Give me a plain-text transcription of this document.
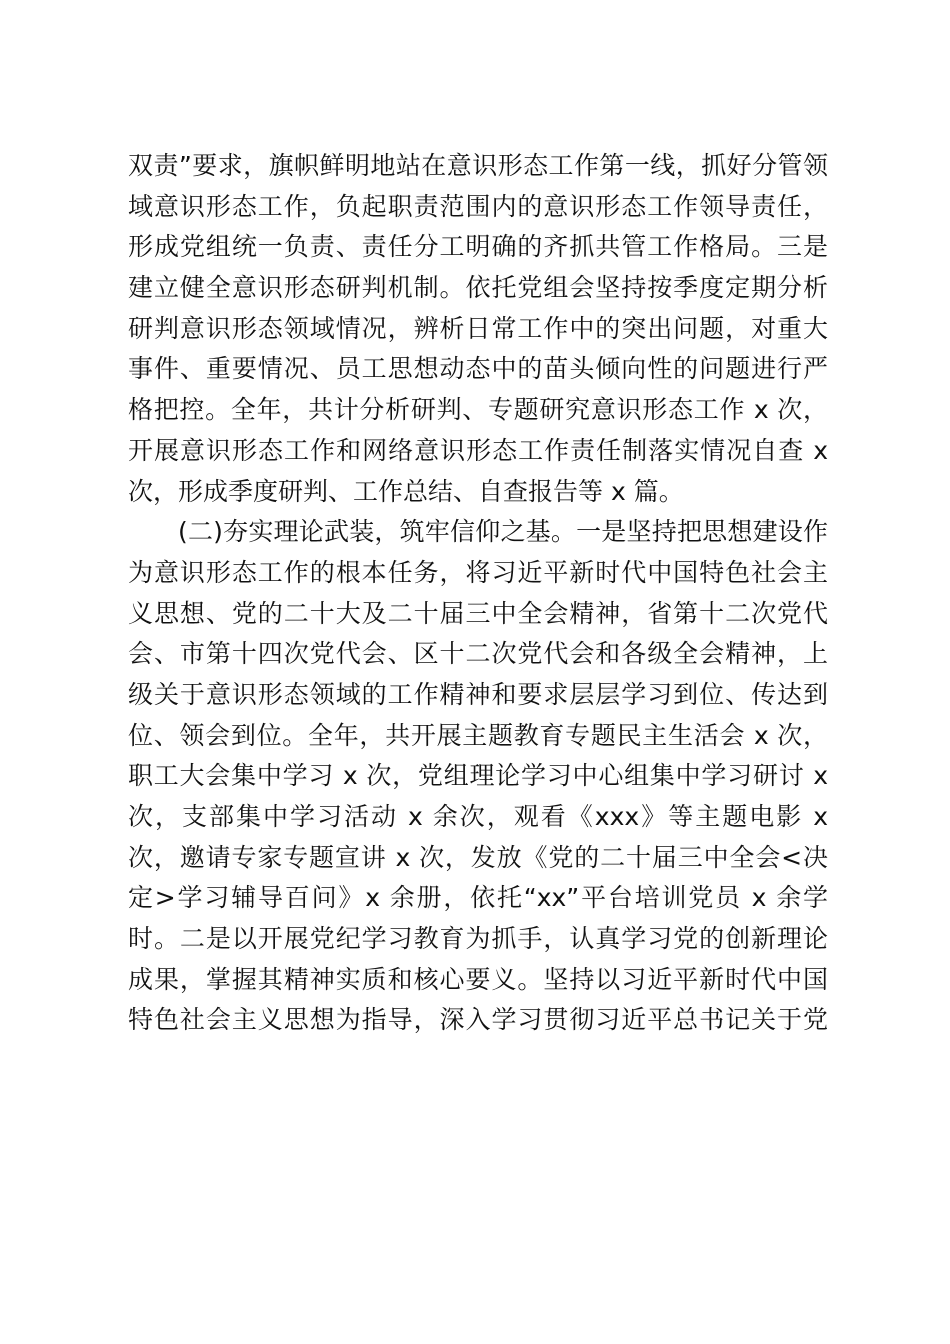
双责”要求，旗帜鲜明地站在意识形态工作第一线，抓好分管领
域意识形态工作，负起职责范围内的意识形态工作领导责任，
形成党组统一负责、责任分工明确的齐抓共管工作格局。三是
建立健全意识形态研判机制。依托党组会坚持按季度定期分析
研判意识形态领域情况，辨析日常工作中的突出问题，对重大
事件、重要情况、员工思想动态中的苗头倾向性的问题进行严
格把控。全年，共计分析研判、专题研究意识形态工作 x 次，
开展意识形态工作和网络意识形态工作责任制落实情况自查 x
次，形成季度研判、工作总结、自查报告等 x 篇。
(二)夯实理论武装，筑牢信仰之基。一是坚持把思想建设作
为意识形态工作的根本任务，将习近平新时代中国特色社会主
义思想、党的二十大及二十届三中全会精神，省第十二次党代
会、市第十四次党代会、区十二次党代会和各级全会精神，上
级关于意识形态领域的工作精神和要求层层学习到位、传达到
位、领会到位。全年，共开展主题教育专题民主生活会 x 次，
职工大会集中学习 x 次，党组理论学习中心组集中学习研讨 x
次，支部集中学习活动 x 余次，观看《xxx》等主题电影 x
次，邀请专家专题宣讲 x 次，发放《党的二十届三中全会<决
定>学习辅导百问》x 余册，依托“xx”平台培训党员 x 余学
时。二是以开展党纪学习教育为抓手，认真学习党的创新理论
成果，掌握其精神实质和核心要义。坚持以习近平新时代中国
特色社会主义思想为指导，深入学习贯彻习近平总书记关于党
